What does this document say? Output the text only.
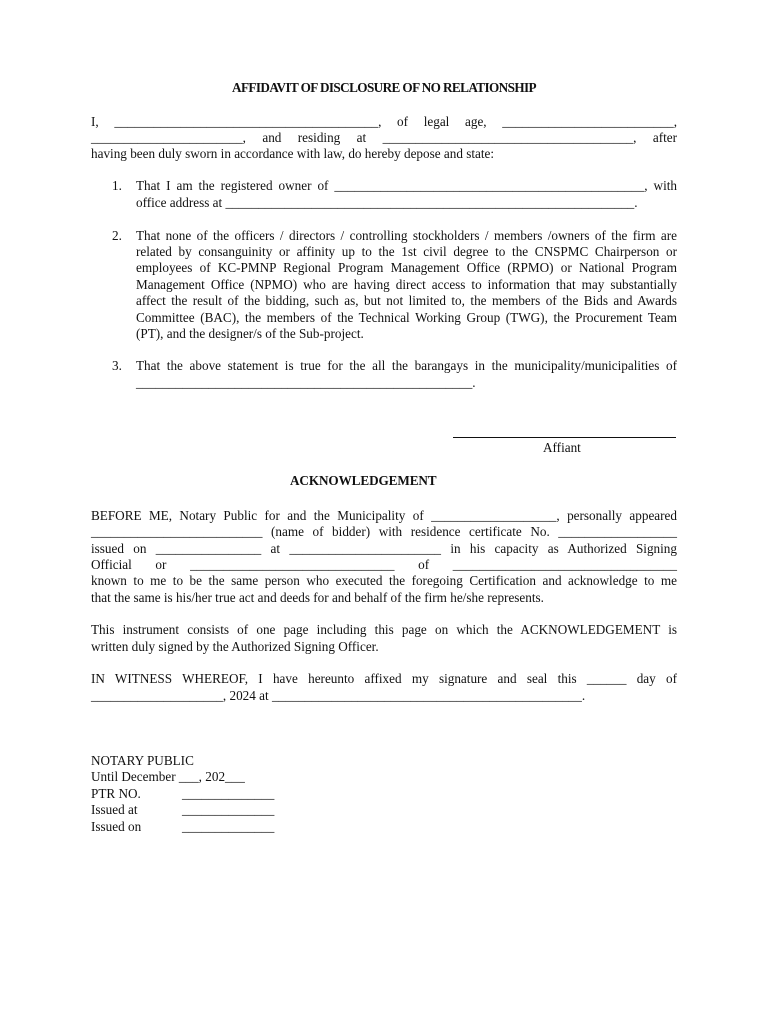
AFFIDAVIT OF DISCLOSURE OF NO RELATIONSHIP
I, ________________________________________, of legal age, __________________________,
_______________________, and residing at ______________________________________, after
having been duly sworn in accordance with law, do hereby depose and state:
1. That I am the registered owner of _______________________________________________, with
office address at ______________________________________________________________.
2. That none of the officers / directors / controlling stockholders / members /owners of the firm are
related by consanguinity or affinity up to the 1st civil degree to the CNSPMC Chairperson or
employees of KC-PMNP Regional Program Management Office (RPMO) or National Program
Management Office (NPMO) who are having direct access to information that may substantially
affect the result of the bidding, such as, but not limited to, the members of the Bids and Awards
Committee (BAC), the members of the Technical Working Group (TWG), the Procurement Team
(PT), and the designer/s of the Sub-project.
3. That the above statement is true for the all the barangays in the municipality/municipalities of
___________________________________________________.
Affiant
ACKNOWLEDGEMENT
BEFORE ME, Notary Public for and the Municipality of ___________________, personally appeared
__________________________ (name of bidder) with residence certificate No. __________________
issued on ________________ at _______________________ in his capacity as Authorized Signing
Official or _______________________________ of __________________________________
known to me to be the same person who executed the foregoing Certification and acknowledge to me
that the same is his/her true act and deeds for and behalf of the firm he/she represents.
This instrument consists of one page including this page on which the ACKNOWLEDGEMENT is
written duly signed by the Authorized Signing Officer.
IN WITNESS WHEREOF, I have hereunto affixed my signature and seal this ______ day of
____________________, 2024 at _______________________________________________.
NOTARY PUBLIC
Until December ___, 202___
PTR NO.	______________
Issued at	______________
Issued on	______________
